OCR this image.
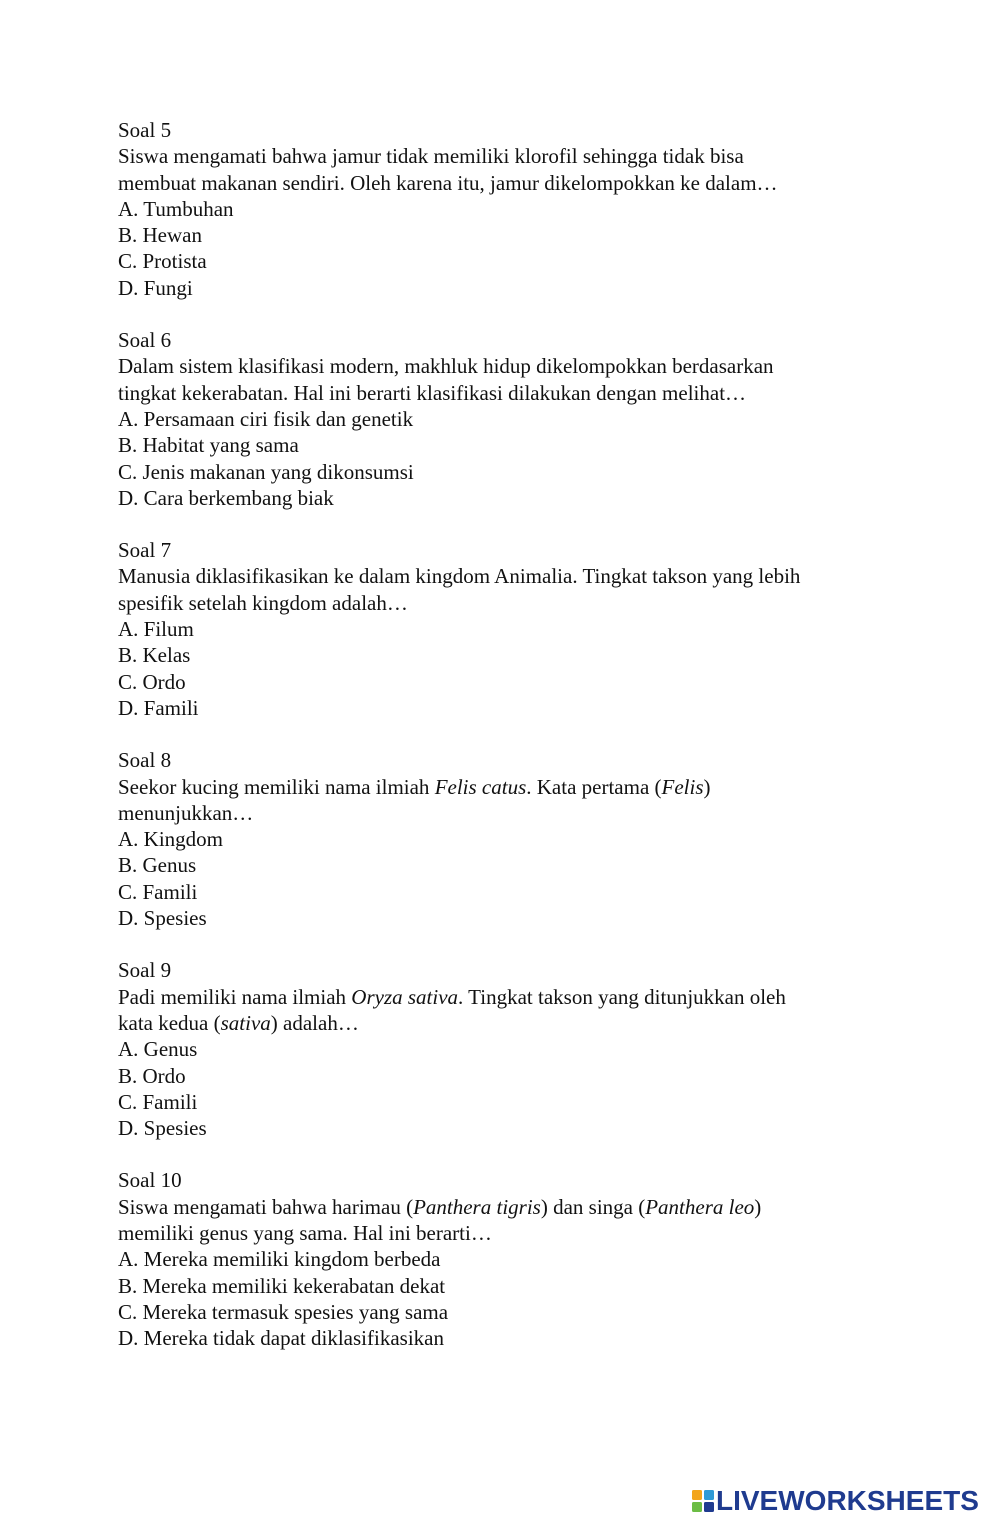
Soal 5

Siswa mengamati bahwa jamur tidak memiliki klorofil sehingga tidak bisa

membuat makanan sendiri. Oleh karena itu, jamur dikelompokkan ke dalam…

A. Tumbuhan

B. Hewan

C. Protista

D. Fungi

Soal 6

Dalam sistem klasifikasi modern, makhluk hidup dikelompokkan berdasarkan

tingkat kekerabatan. Hal ini berarti klasifikasi dilakukan dengan melihat…

A. Persamaan ciri fisik dan genetik

B. Habitat yang sama

C. Jenis makanan yang dikonsumsi

D. Cara berkembang biak

Soal 7

Manusia diklasifikasikan ke dalam kingdom Animalia. Tingkat takson yang lebih

spesifik setelah kingdom adalah…

A. Filum

B. Kelas

C. Ordo

D. Famili

Soal 8

Seekor kucing memiliki nama ilmiah Felis catus. Kata pertama (Felis)

menunjukkan…

A. Kingdom

B. Genus

C. Famili

D. Spesies

Soal 9

Padi memiliki nama ilmiah Oryza sativa. Tingkat takson yang ditunjukkan oleh

kata kedua (sativa) adalah…

A. Genus

B. Ordo

C. Famili

D. Spesies

Soal 10

Siswa mengamati bahwa harimau (Panthera tigris) dan singa (Panthera leo)

memiliki genus yang sama. Hal ini berarti…

A. Mereka memiliki kingdom berbeda

B. Mereka memiliki kekerabatan dekat

C. Mereka termasuk spesies yang sama

D. Mereka tidak dapat diklasifikasikan

LIVEWORKSHEETS
